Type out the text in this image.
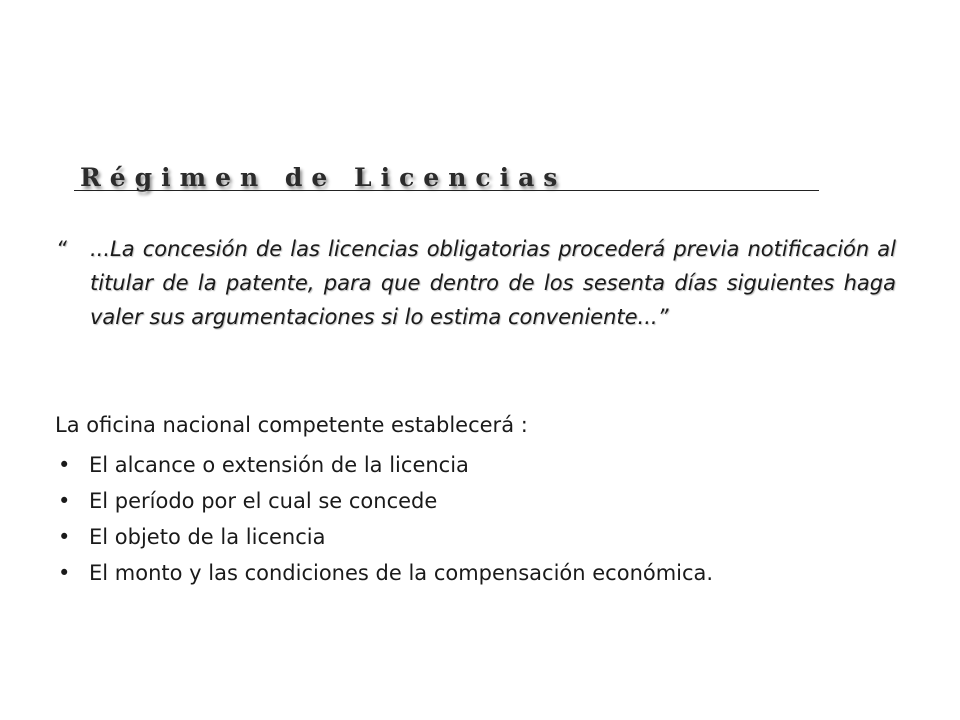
Régimen de Licencias

“ ...La concesión de las licencias obligatorias procederá previa notificación al titular de la patente, para que dentro de los sesenta días siguientes haga valer sus argumentaciones si lo estima conveniente...”

La oficina nacional competente establecerá :

• El alcance o extensión de la licencia
• El período por el cual se concede
• El objeto de la licencia
• El monto y las condiciones de la compensación económica.
